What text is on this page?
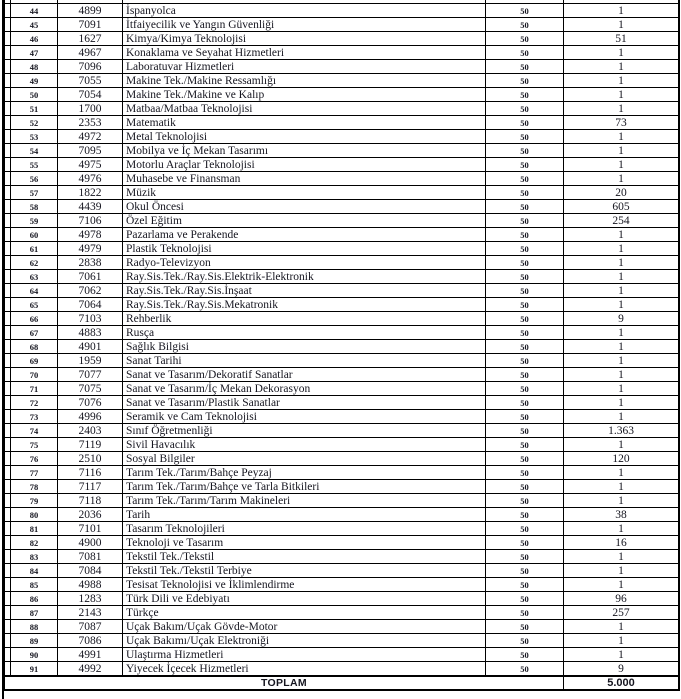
	44	4899	İspanyolca	50	1
	45	7091	İtfaiyecilik ve Yangın Güvenliği	50	1
	46	1627	Kimya/Kimya Teknolojisi	50	51
	47	4967	Konaklama ve Seyahat Hizmetleri	50	1
	48	7096	Laboratuvar Hizmetleri	50	1
	49	7055	Makine Tek./Makine Ressamlığı	50	1
	50	7054	Makine Tek./Makine ve Kalıp	50	1
	51	1700	Matbaa/Matbaa Teknolojisi	50	1
	52	2353	Matematik	50	73
	53	4972	Metal Teknolojisi	50	1
	54	7095	Mobilya ve İç Mekan Tasarımı	50	1
	55	4975	Motorlu Araçlar Teknolojisi	50	1
	56	4976	Muhasebe ve Finansman	50	1
	57	1822	Müzik	50	20
	58	4439	Okul Öncesi	50	605
	59	7106	Özel Eğitim	50	254
	60	4978	Pazarlama ve Perakende	50	1
	61	4979	Plastik Teknolojisi	50	1
	62	2838	Radyo-Televizyon	50	1
	63	7061	Ray.Sis.Tek./Ray.Sis.Elektrik-Elektronik	50	1
	64	7062	Ray.Sis.Tek./Ray.Sis.İnşaat	50	1
	65	7064	Ray.Sis.Tek./Ray.Sis.Mekatronik	50	1
	66	7103	Rehberlik	50	9
	67	4883	Rusça	50	1
	68	4901	Sağlık Bilgisi	50	1
	69	1959	Sanat Tarihi	50	1
	70	7077	Sanat ve Tasarım/Dekoratif Sanatlar	50	1
	71	7075	Sanat ve Tasarım/İç Mekan Dekorasyon	50	1
	72	7076	Sanat ve Tasarım/Plastik Sanatlar	50	1
	73	4996	Seramik ve Cam Teknolojisi	50	1
	74	2403	Sınıf Öğretmenliği	50	1.363
	75	7119	Sivil Havacılık	50	1
	76	2510	Sosyal Bilgiler	50	120
	77	7116	Tarım Tek./Tarım/Bahçe Peyzaj	50	1
	78	7117	Tarım Tek./Tarım/Bahçe ve Tarla Bitkileri	50	1
	79	7118	Tarım Tek./Tarım/Tarım Makineleri	50	1
	80	2036	Tarih	50	38
	81	7101	Tasarım Teknolojileri	50	1
	82	4900	Teknoloji ve Tasarım	50	16
	83	7081	Tekstil Tek./Tekstil	50	1
	84	7084	Tekstil Tek./Tekstil Terbiye	50	1
	85	4988	Tesisat Teknolojisi ve İklimlendirme	50	1
	86	1283	Türk Dili ve Edebiyatı	50	96
	87	2143	Türkçe	50	257
	88	7087	Uçak Bakım/Uçak Gövde-Motor	50	1
	89	7086	Uçak Bakımı/Uçak Elektroniği	50	1
	90	4991	Ulaştırma Hizmetleri	50	1
	91	4992	Yiyecek İçecek Hizmetleri	50	9
TOPLAM					5.000
